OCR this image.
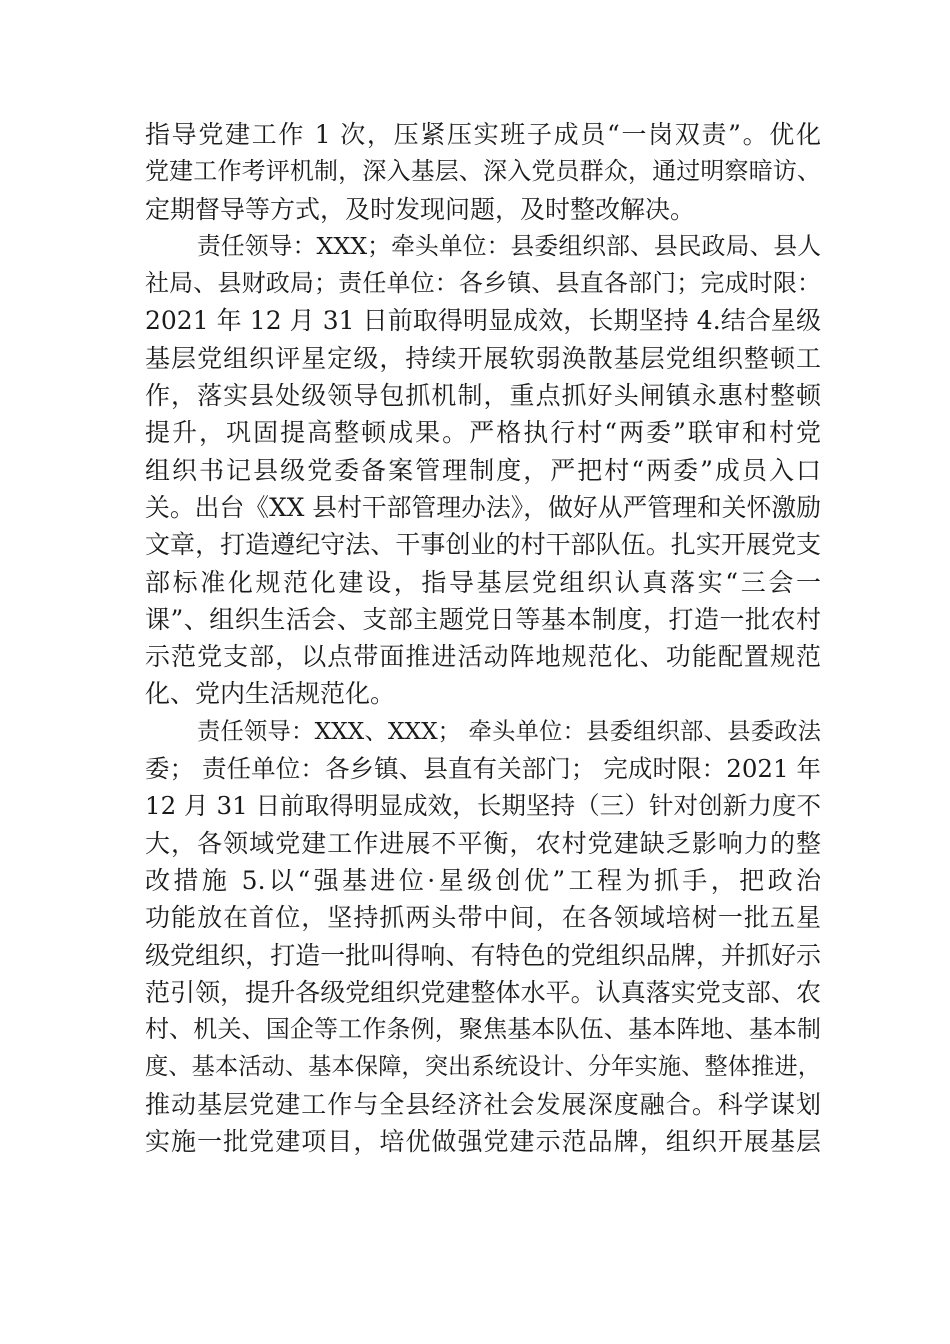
指导党建工作 1 次，压紧压实班子成员“一岗双责”。优化
党建工作考评机制，深入基层、深入党员群众，通过明察暗访、
定期督导等方式，及时发现问题，及时整改解决。
责任领导：XXX；牵头单位：县委组织部、县民政局、县人
社局、县财政局；责任单位：各乡镇、县直各部门；完成时限：
2021 年 12 月 31 日前取得明显成效，长期坚持 4.结合星级
基层党组织评星定级，持续开展软弱涣散基层党组织整顿工
作，落实县处级领导包抓机制，重点抓好头闸镇永惠村整顿
提升，巩固提高整顿成果。严格执行村“两委”联审和村党
组织书记县级党委备案管理制度，严把村“两委”成员入口
关。出台《XX 县村干部管理办法》，做好从严管理和关怀激励
文章，打造遵纪守法、干事创业的村干部队伍。扎实开展党支
部标准化规范化建设，指导基层党组织认真落实“三会一
课”、组织生活会、支部主题党日等基本制度，打造一批农村
示范党支部，以点带面推进活动阵地规范化、功能配置规范
化、党内生活规范化。
责任领导：XXX、XXX； 牵头单位：县委组织部、县委政法
委； 责任单位：各乡镇、县直有关部门； 完成时限：2021 年
12 月 31 日前取得明显成效，长期坚持（三）针对创新力度不
大，各领域党建工作进展不平衡，农村党建缺乏影响力的整
改措施 5.以“强基进位·星级创优”工程为抓手，把政治
功能放在首位，坚持抓两头带中间，在各领域培树一批五星
级党组织，打造一批叫得响、有特色的党组织品牌，并抓好示
范引领，提升各级党组织党建整体水平。认真落实党支部、农
村、机关、国企等工作条例，聚焦基本队伍、基本阵地、基本制
度、基本活动、基本保障，突出系统设计、分年实施、整体推进，
推动基层党建工作与全县经济社会发展深度融合。科学谋划
实施一批党建项目，培优做强党建示范品牌，组织开展基层
